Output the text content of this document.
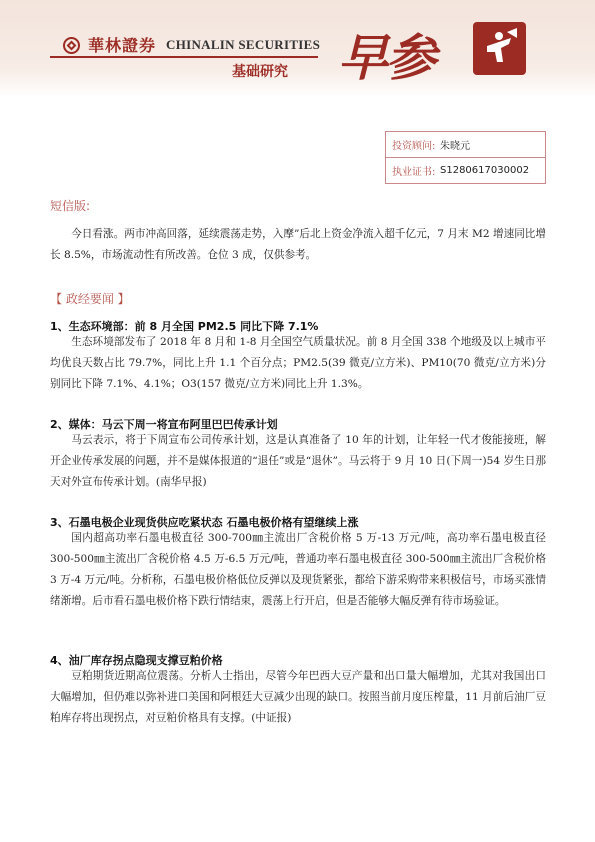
華林證券 CHINALIN SECURITIES
基础研究 早参
投资顾问: 朱晓元
执业证书: S1280617030002
短信版:
今日看涨。两市冲高回落，延续震荡走势，入摩”后北上资金净流入超千亿元，7 月末 M2 增速同比增长 8.5%，市场流动性有所改善。仓位 3 成，仅供参考。
【 政经要闻 】
1、生态环境部：前 8 月全国 PM2.5 同比下降 7.1%
生态环境部发布了 2018 年 8 月和 1-8 月全国空气质量状况。前 8 月全国 338 个地级及以上城市平均优良天数占比 79.7%，同比上升 1.1 个百分点；PM2.5(39 微克/立方米)、PM10(70 微克/立方米)分别同比下降 7.1%、4.1%；O3(157 微克/立方米)同比上升 1.3%。
2、媒体：马云下周一将宣布阿里巴巴传承计划
马云表示，将于下周宣布公司传承计划，这是认真准备了 10 年的计划，让年轻一代才俊能接班，解开企业传承发展的问题，并不是媒体报道的“退任”或是“退休”。马云将于 9 月 10 日(下周一)54 岁生日那天对外宣布传承计划。(南华早报)
3、石墨电极企业现货供应吃紧状态 石墨电极价格有望继续上涨
国内超高功率石墨电极直径 300-700㎜主流出厂含税价格 5 万-13 万元/吨，高功率石墨电极直径 300-500㎜主流出厂含税价格 4.5 万-6.5 万元/吨，普通功率石墨电极直径 300-500㎜主流出厂含税价格 3 万-4 万元/吨。分析称，石墨电极价格低位反弹以及现货紧张，都给下游采购带来积极信号，市场买涨情绪渐增。后市看石墨电极价格下跌行情结束，震荡上行开启，但是否能够大幅反弹有待市场验证。
4、油厂库存拐点隐现支撑豆粕价格
豆粕期货近期高位震荡。分析人士指出，尽管今年巴西大豆产量和出口量大幅增加，尤其对我国出口大幅增加，但仍难以弥补进口美国和阿根廷大豆减少出现的缺口。按照当前月度压榨量，11 月前后油厂豆粕库存将出现拐点，对豆粕价格具有支撑。(中证报)
